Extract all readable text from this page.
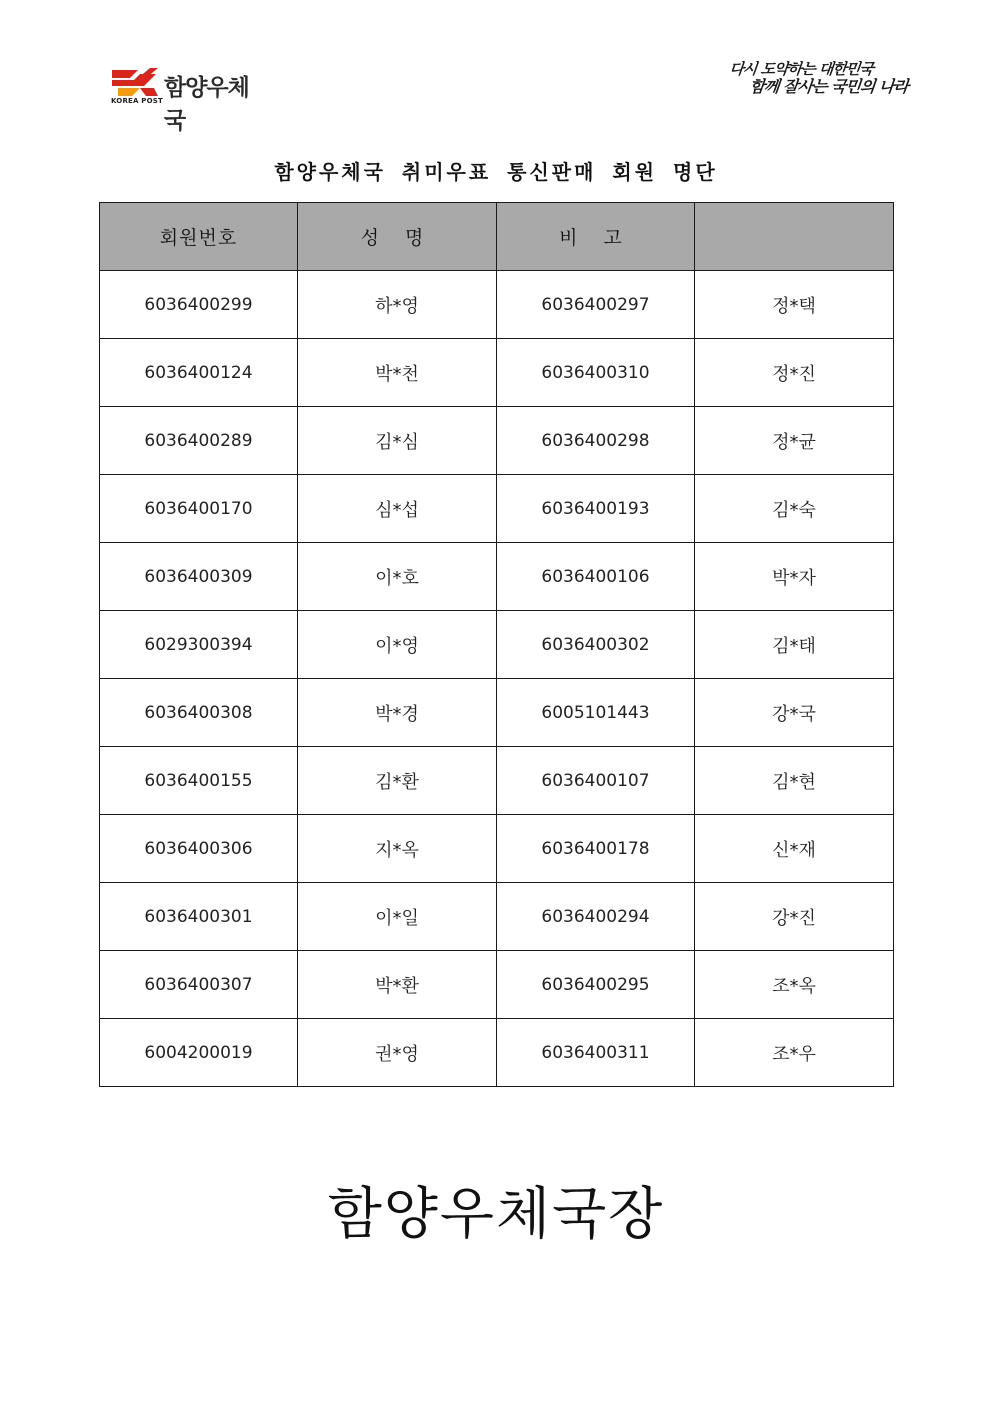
KOREA POST 함양우체국
다시 도약하는 대한민국
함께 잘사는 국민의 나라
함양우체국 취미우표 통신판매 회원 명단
회원번호	성 명	비 고	
6036400299	하*영	6036400297	정*택
6036400124	박*천	6036400310	정*진
6036400289	김*심	6036400298	정*균
6036400170	심*섭	6036400193	김*숙
6036400309	이*호	6036400106	박*자
6029300394	이*영	6036400302	김*태
6036400308	박*경	6005101443	강*국
6036400155	김*환	6036400107	김*현
6036400306	지*옥	6036400178	신*재
6036400301	이*일	6036400294	강*진
6036400307	박*환	6036400295	조*옥
6004200019	권*영	6036400311	조*우
함양우체국장
